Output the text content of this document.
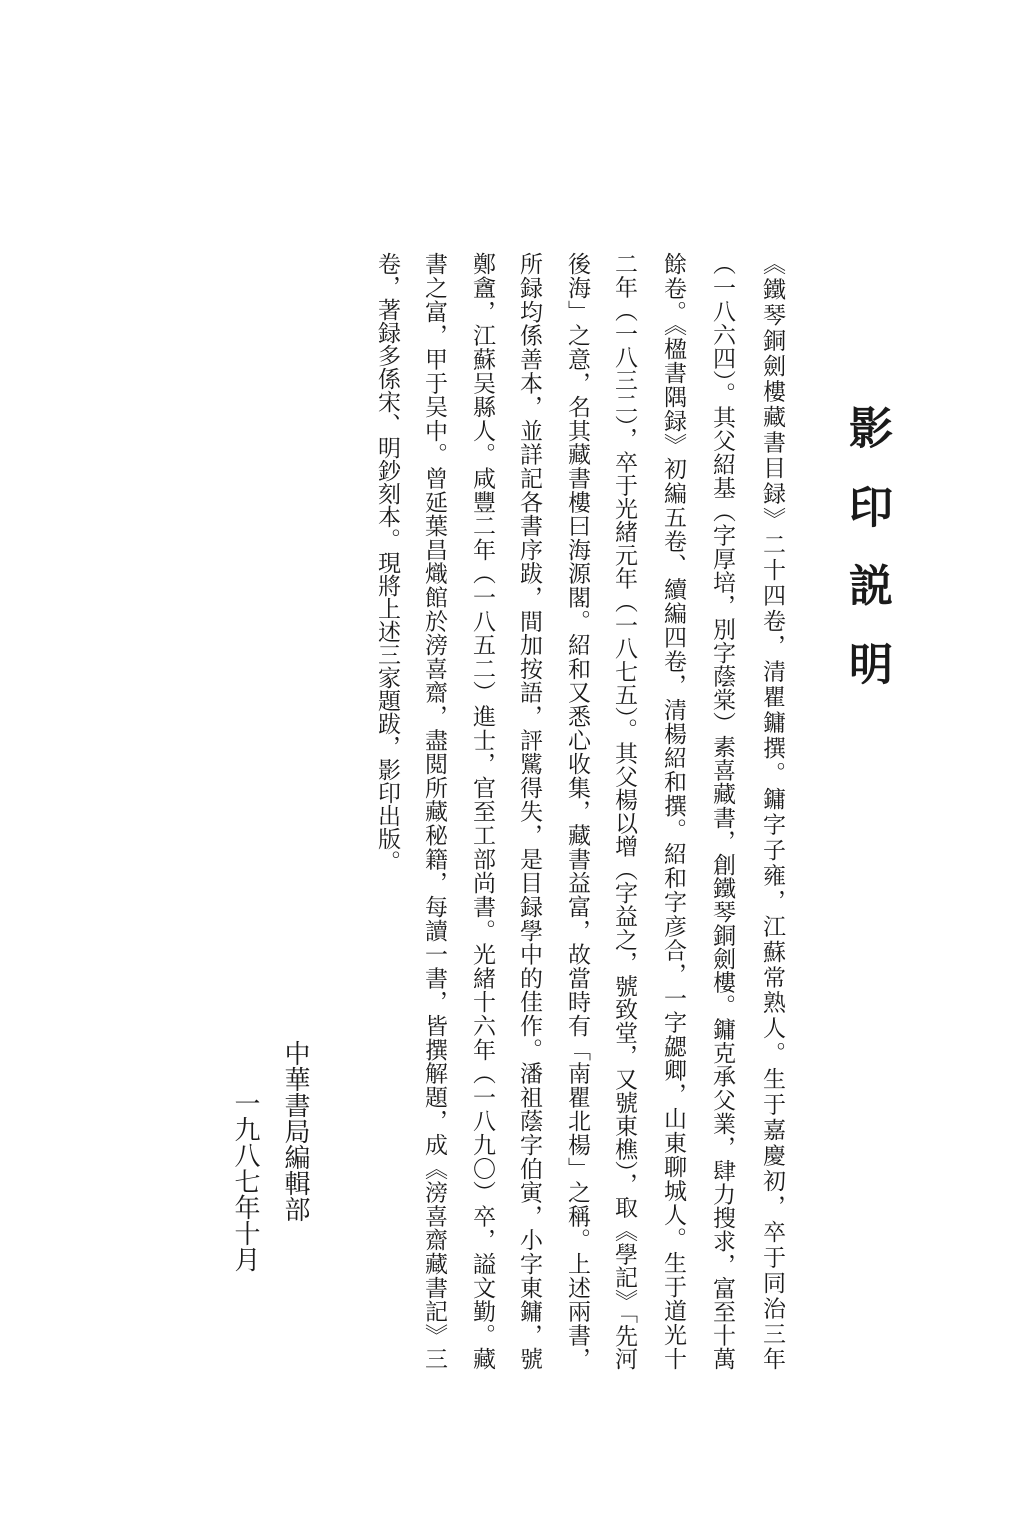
影印説明
《鐵琴銅劍樓藏書目録》二十四卷，清瞿鏞撰。鏞字子雍，江蘇常熟人。生于嘉慶初，卒于同治三年
（一八六四）。其父紹基（字厚培，別字蔭棠）素喜藏書，創鐵琴銅劍樓。鏞克承父業，肆力搜求，富至十萬
餘卷。《楹書隅録》初編五卷、續編四卷，清楊紹和撰。紹和字彦合，一字勰卿，山東聊城人。生于道光十
二年（一八三二），卒于光緒元年（一八七五）。其父楊以增（字益之，號致堂，又號東樵），取《學記》「先河
後海」之意，名其藏書樓曰海源閣。紹和又悉心收集，藏書益富，故當時有「南瞿北楊」之稱。上述兩書，
所録均係善本，並詳記各書序跋，間加按語，評騭得失，是目録學中的佳作。潘祖蔭字伯寅，小字東鏞，號
鄭盦，江蘇吴縣人。咸豐二年（一八五二）進士，官至工部尚書。光緒十六年（一八九〇）卒，謚文勤。藏
書之富，甲于吴中。曾延葉昌熾館於滂喜齋，盡閲所藏秘籍，每讀一書，皆撰解題，成《滂喜齋藏書記》三
卷，著録多係宋、明鈔刻本。現將上述三家題跋，影印出版。
中華書局編輯部
一九八七年十月
